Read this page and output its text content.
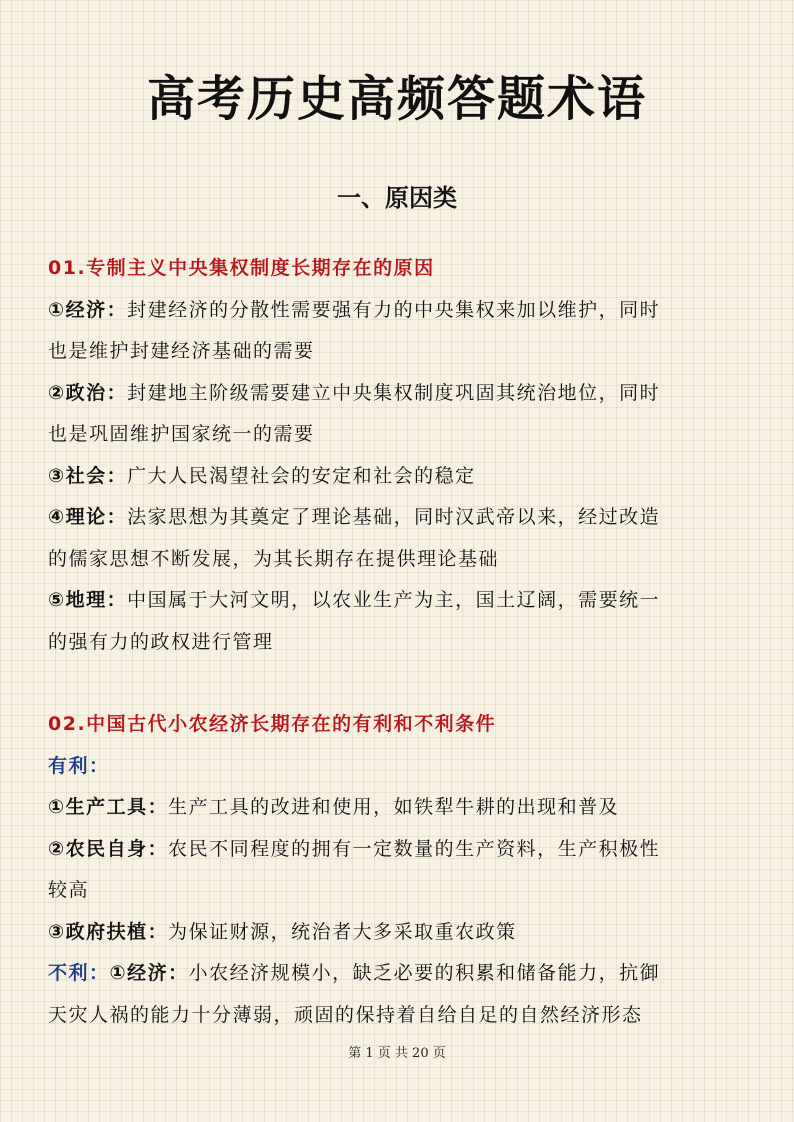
高考历史高频答题术语
一、原因类
01.专制主义中央集权制度长期存在的原因
①经济：封建经济的分散性需要强有力的中央集权来加以维护，同时
也是维护封建经济基础的需要
②政治：封建地主阶级需要建立中央集权制度巩固其统治地位，同时
也是巩固维护国家统一的需要
③社会：广大人民渴望社会的安定和社会的稳定
④理论：法家思想为其奠定了理论基础，同时汉武帝以来，经过改造
的儒家思想不断发展，为其长期存在提供理论基础
⑤地理：中国属于大河文明，以农业生产为主，国土辽阔，需要统一
的强有力的政权进行管理
02.中国古代小农经济长期存在的有利和不利条件
有利：
①生产工具：生产工具的改进和使用，如铁犁牛耕的出现和普及
②农民自身：农民不同程度的拥有一定数量的生产资料，生产积极性
较高
③政府扶植：为保证财源，统治者大多采取重农政策
不利：①经济：小农经济规模小，缺乏必要的积累和储备能力，抗御
天灾人祸的能力十分薄弱，顽固的保持着自给自足的自然经济形态
第 1 页 共 20 页
